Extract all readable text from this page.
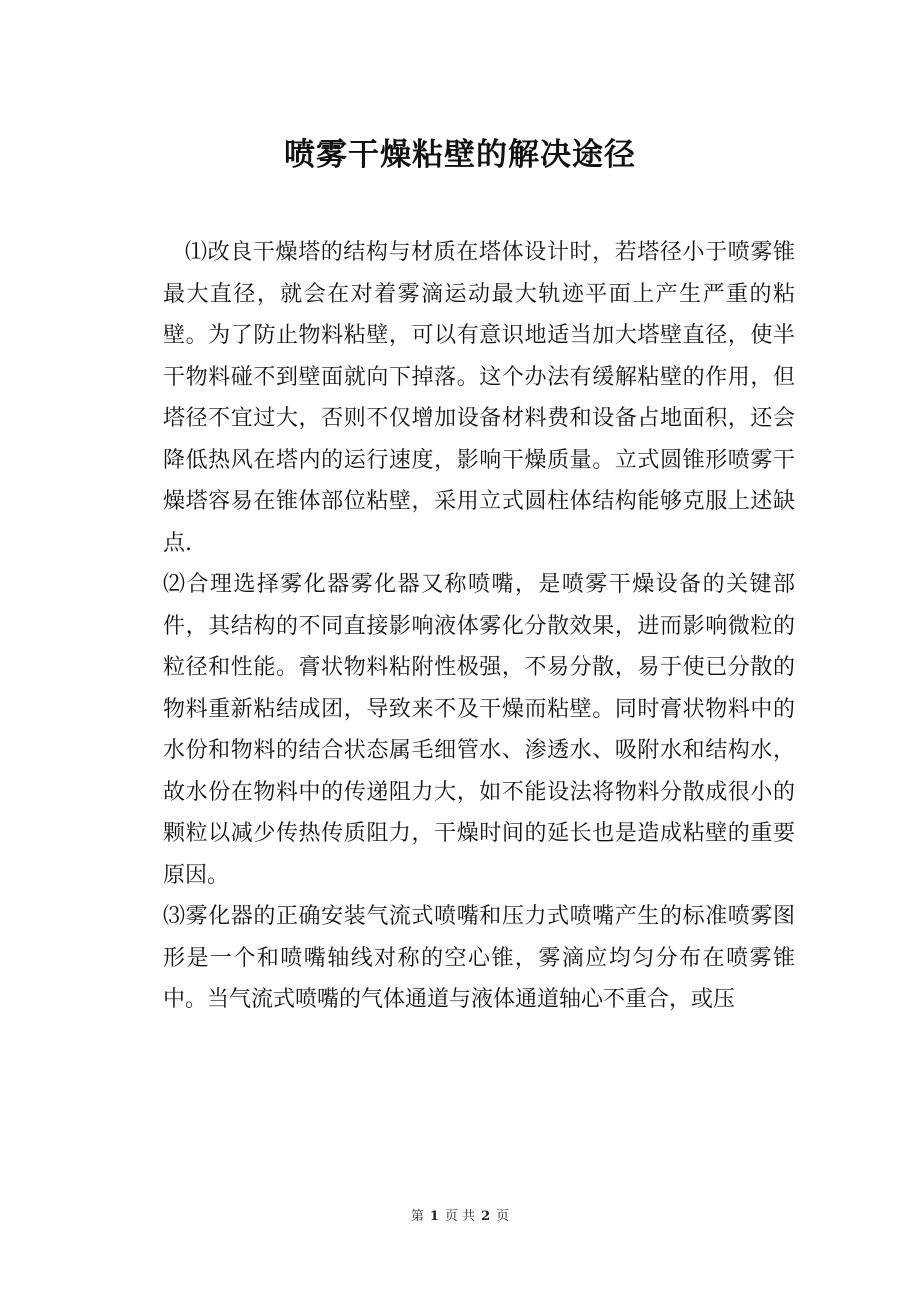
喷雾干燥粘壁的解决途径

⑴改良干燥塔的结构与材质在塔体设计时，若塔径小于喷雾锥最大直径，就会在对着雾滴运动最大轨迹平面上产生严重的粘壁。为了防止物料粘壁，可以有意识地适当加大塔壁直径，使半干物料碰不到壁面就向下掉落。这个办法有缓解粘壁的作用，但塔径不宜过大，否则不仅增加设备材料费和设备占地面积，还会降低热风在塔内的运行速度，影响干燥质量。立式圆锥形喷雾干燥塔容易在锥体部位粘壁，采用立式圆柱体结构能够克服上述缺点.

⑵合理选择雾化器雾化器又称喷嘴，是喷雾干燥设备的关键部件，其结构的不同直接影响液体雾化分散效果，进而影响微粒的粒径和性能。膏状物料粘附性极强，不易分散，易于使已分散的物料重新粘结成团，导致来不及干燥而粘壁。同时膏状物料中的水份和物料的结合状态属毛细管水、渗透水、吸附水和结构水，故水份在物料中的传递阻力大，如不能设法将物料分散成很小的颗粒以减少传热传质阻力，干燥时间的延长也是造成粘壁的重要原因。

⑶雾化器的正确安装气流式喷嘴和压力式喷嘴产生的标准喷雾图形是一个和喷嘴轴线对称的空心锥，雾滴应均匀分布在喷雾锥中。当气流式喷嘴的气体通道与液体通道轴心不重合，或压

第 1 页 共 2 页
